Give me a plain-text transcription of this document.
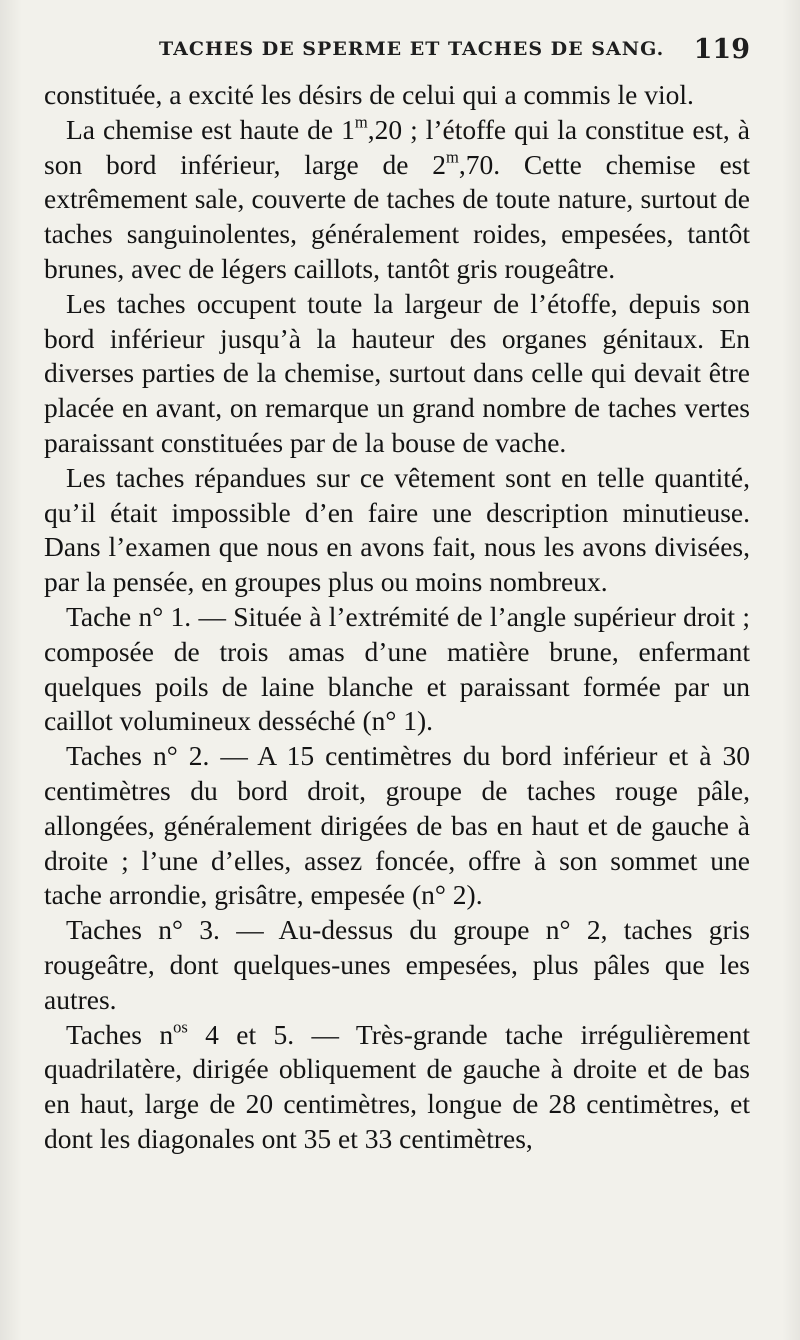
TACHES DE SPERME ET TACHES DE SANG. 119

constituée, a excité les désirs de celui qui a commis le viol.

La chemise est haute de 1$^m$,20 ; l’étoffe qui la constitue est, à son bord inférieur, large de 2$^m$,70. Cette chemise est extrêmement sale, couverte de taches de toute nature, surtout de taches sanguinolentes, généralement roides, empesées, tantôt brunes, avec de légers caillots, tantôt gris rougeâtre.

Les taches occupent toute la largeur de l’étoffe, depuis son bord inférieur jusqu’à la hauteur des organes génitaux. En diverses parties de la chemise, surtout dans celle qui devait être placée en avant, on remarque un grand nombre de taches vertes paraissant constituées par de la bouse de vache.

Les taches répandues sur ce vêtement sont en telle quantité, qu’il était impossible d’en faire une description minutieuse. Dans l’examen que nous en avons fait, nous les avons divisées, par la pensée, en groupes plus ou moins nombreux.

Tache n° 1. — Située à l’extrémité de l’angle supérieur droit ; composée de trois amas d’une matière brune, enfermant quelques poils de laine blanche et paraissant formée par un caillot volumineux desséché (n° 1).

Taches n° 2. — A 15 centimètres du bord inférieur et à 30 centimètres du bord droit, groupe de taches rouge pâle, allongées, généralement dirigées de bas en haut et de gauche à droite ; l’une d’elles, assez foncée, offre à son sommet une tache arrondie, grisâtre, empesée (n° 2).

Taches n° 3. — Au-dessus du groupe n° 2, taches gris rougeâtre, dont quelques-unes empesées, plus pâles que les autres.

Taches $n^{os}$ 4 et 5. — Très-grande tache irrégulièrement quadrilatère, dirigée obliquement de gauche à droite et de bas en haut, large de 20 centimètres, longue de 28 centimètres, et dont les diagonales ont 35 et 33 centimètres,
